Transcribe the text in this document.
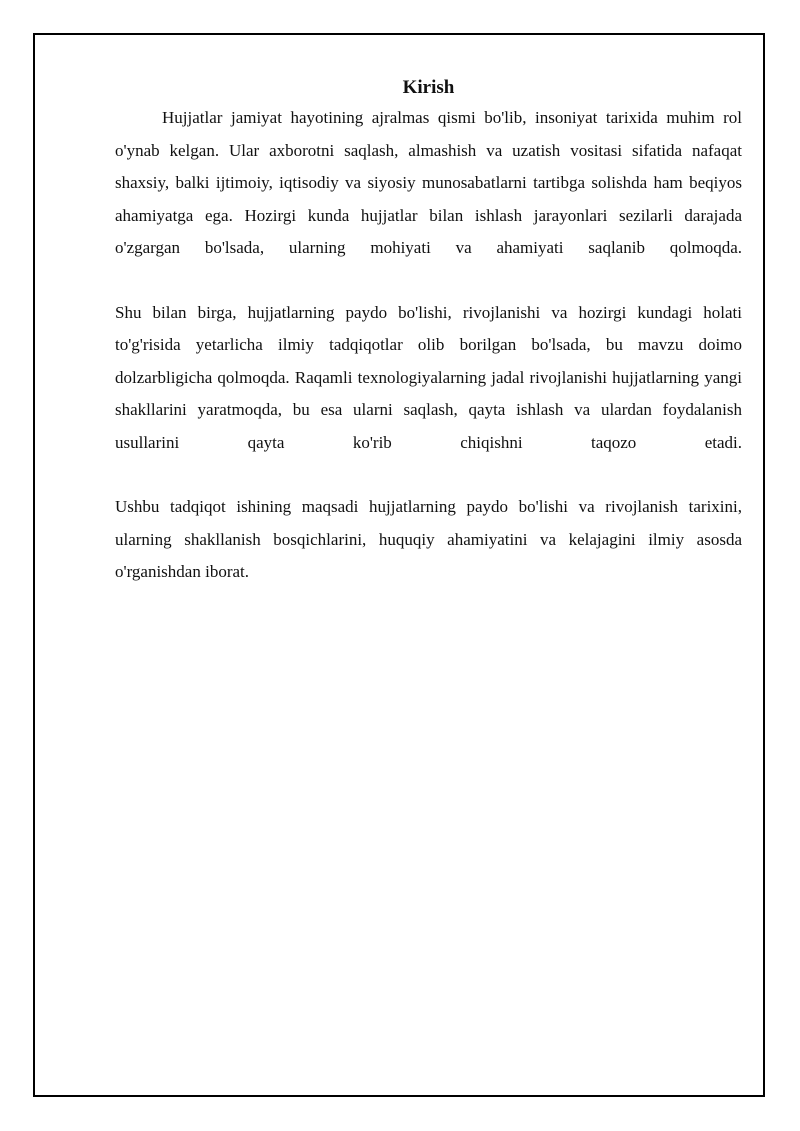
Kirish

Hujjatlar jamiyat hayotining ajralmas qismi bo'lib, insoniyat tarixida muhim rol o'ynab kelgan. Ular axborotni saqlash, almashish va uzatish vositasi sifatida nafaqat shaxsiy, balki ijtimoiy, iqtisodiy va siyosiy munosabatlarni tartibga solishda ham beqiyos ahamiyatga ega. Hozirgi kunda hujjatlar bilan ishlash jarayonlari sezilarli darajada o'zgargan bo'lsada, ularning mohiyati va ahamiyati saqlanib qolmoqda.

Shu bilan birga, hujjatlarning paydo bo'lishi, rivojlanishi va hozirgi kundagi holati to'g'risida yetarlicha ilmiy tadqiqotlar olib borilgan bo'lsada, bu mavzu doimo dolzarbligicha qolmoqda. Raqamli texnologiyalarning jadal rivojlanishi hujjatlarning yangi shakllarini yaratmoqda, bu esa ularni saqlash, qayta ishlash va ulardan foydalanish usullarini qayta ko'rib chiqishni taqozo etadi.

Ushbu tadqiqot ishining maqsadi hujjatlarning paydo bo'lishi va rivojlanish tarixini, ularning shakllanish bosqichlarini, huquqiy ahamiyatini va kelajagini ilmiy asosda o'rganishdan iborat.
